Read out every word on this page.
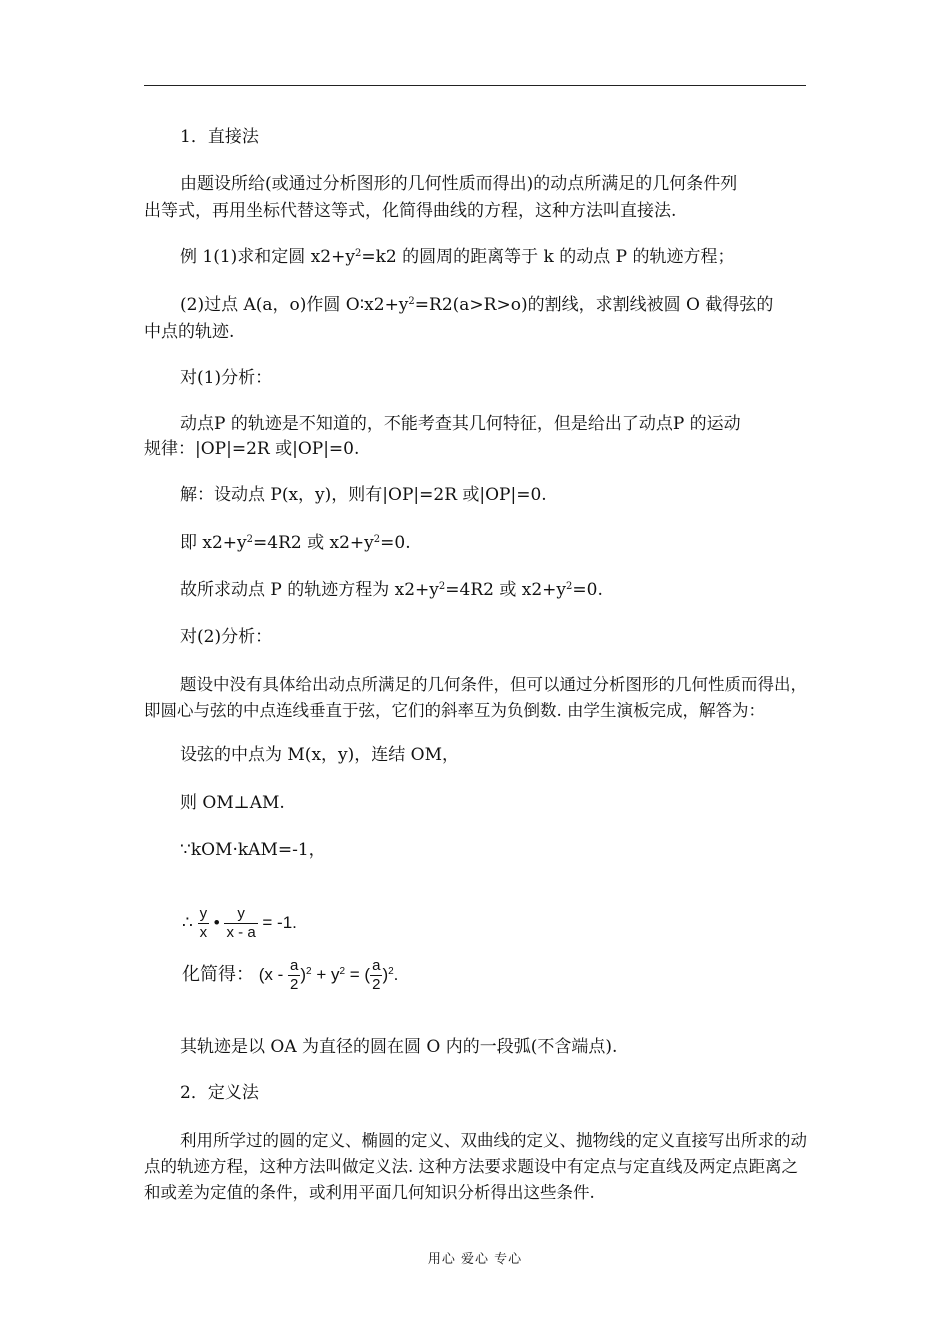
1．直接法
由题设所给(或通过分析图形的几何性质而得出)的动点所满足的几何条件列
出等式，再用坐标代替这等式，化简得曲线的方程，这种方法叫直接法.
例 1(1)求和定圆 $x2+y^2=k2$ 的圆周的距离等于 k 的动点 P 的轨迹方程；
(2)过点 A(a，o)作圆 $O∶x2+y^2=R2(a>R>o)$的割线，求割线被圆 O 截得弦的
中点的轨迹.
对(1)分析：
动点P 的轨迹是不知道的，不能考查其几何特征，但是给出了动点P 的运动
规律：|OP|=2R 或|OP|=0.
解：设动点 P(x，y)，则有|OP|=2R 或|OP|=0.
即 $x2+y^2=4R2$ 或 $x2+y^2=0$.
故所求动点 P 的轨迹方程为 $x2+y^2=4R2$ 或 $x2+y^2=0$.
对(2)分析：
题设中没有具体给出动点所满足的几何条件，但可以通过分析图形的几何性质而得出，
即圆心与弦的中点连线垂直于弦，它们的斜率互为负倒数. 由学生演板完成，解答为：
设弦的中点为 M(x，y)，连结 OM，
则 OM⊥AM.
∵kOM·kAM=-1，
∴ $\frac{y}{x}$ • $\frac{y}{x - a} = -1$.
化简得： $(x - \frac{a}{2} )^2 + y^2$ = ( $\frac{a}{2} )^2$.
其轨迹是以 OA 为直径的圆在圆 O 内的一段弧(不含端点).
2．定义法
利用所学过的圆的定义、椭圆的定义、双曲线的定义、抛物线的定义直接写出所求的动
点的轨迹方程，这种方法叫做定义法. 这种方法要求题设中有定点与定直线及两定点距离之
和或差为定值的条件，或利用平面几何知识分析得出这些条件.
用心 爱心 专心
